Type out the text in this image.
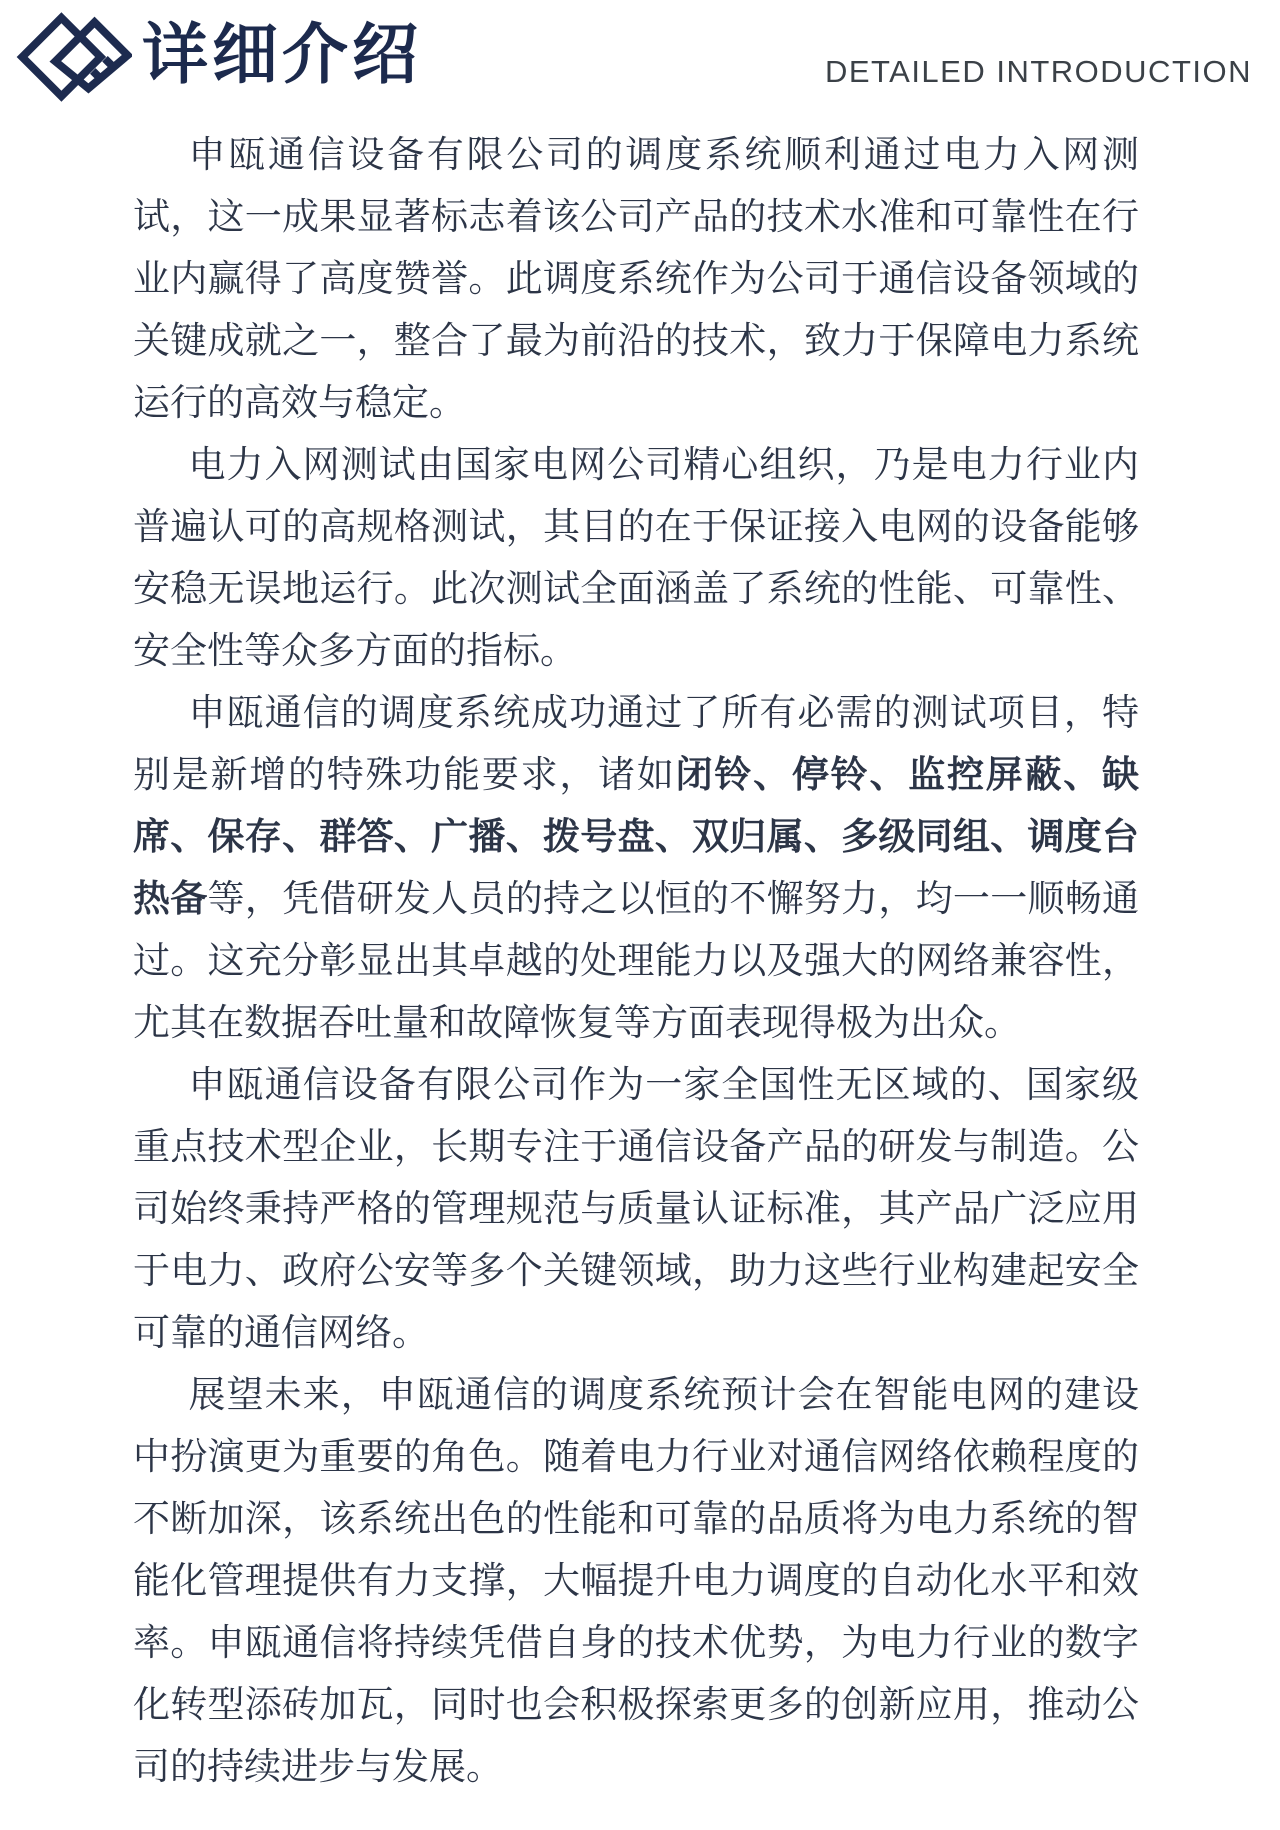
详细介绍	DETAILED INTRODUCTION

申瓯通信设备有限公司的调度系统顺利通过电力入网测试，这一成果显著标志着该公司产品的技术水准和可靠性在行业内赢得了高度赞誉。此调度系统作为公司于通信设备领域的关键成就之一，整合了最为前沿的技术，致力于保障电力系统运行的高效与稳定。

电力入网测试由国家电网公司精心组织，乃是电力行业内普遍认可的高规格测试，其目的在于保证接入电网的设备能够安稳无误地运行。此次测试全面涵盖了系统的性能、可靠性、安全性等众多方面的指标。

申瓯通信的调度系统成功通过了所有必需的测试项目，特别是新增的特殊功能要求，诸如闭铃、停铃、监控屏蔽、缺席、保存、群答、广播、拨号盘、双归属、多级同组、调度台热备等，凭借研发人员的持之以恒的不懈努力，均一一顺畅通过。这充分彰显出其卓越的处理能力以及强大的网络兼容性，尤其在数据吞吐量和故障恢复等方面表现得极为出众。

申瓯通信设备有限公司作为一家全国性无区域的、国家级重点技术型企业，长期专注于通信设备产品的研发与制造。公司始终秉持严格的管理规范与质量认证标准，其产品广泛应用于电力、政府公安等多个关键领域，助力这些行业构建起安全可靠的通信网络。

展望未来，申瓯通信的调度系统预计会在智能电网的建设中扮演更为重要的角色。随着电力行业对通信网络依赖程度的不断加深，该系统出色的性能和可靠的品质将为电力系统的智能化管理提供有力支撑，大幅提升电力调度的自动化水平和效率。申瓯通信将持续凭借自身的技术优势，为电力行业的数字化转型添砖加瓦，同时也会积极探索更多的创新应用，推动公司的持续进步与发展。
